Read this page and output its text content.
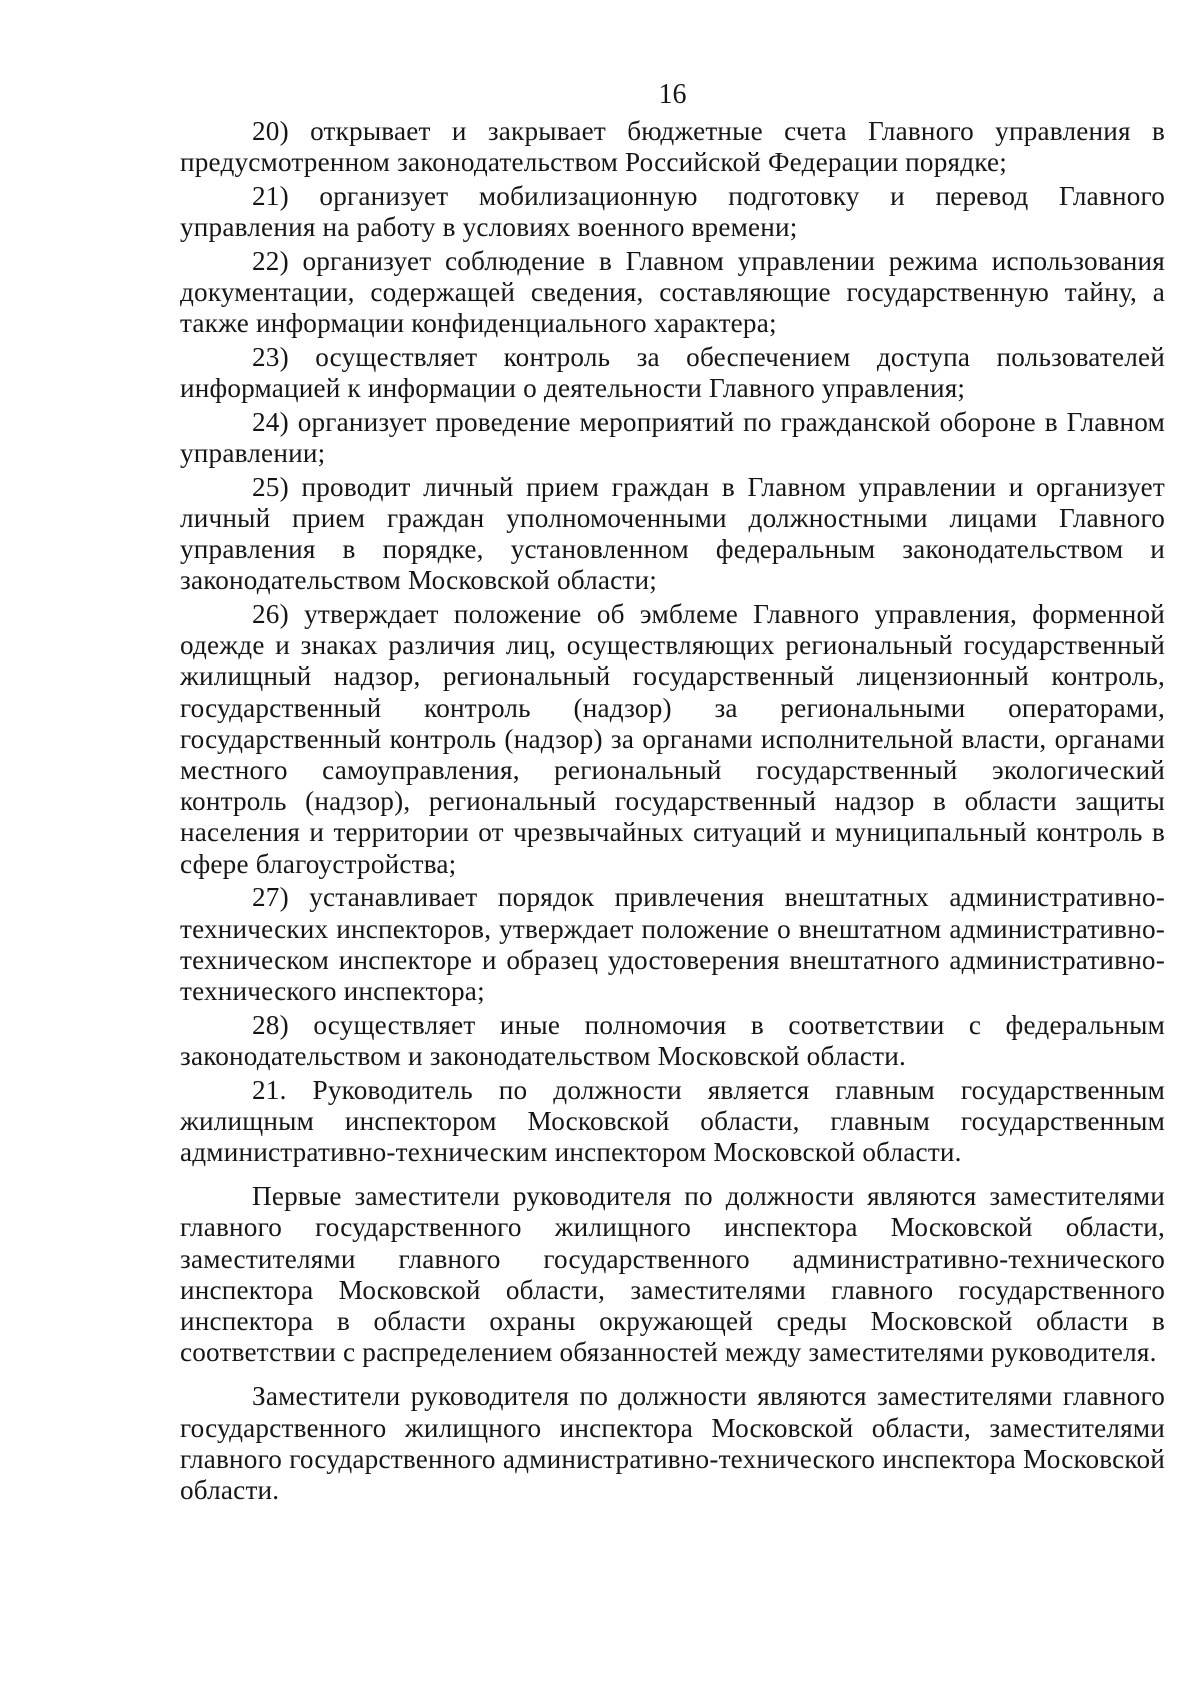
16

20) открывает и закрывает бюджетные счета Главного управления в предусмотренном законодательством Российской Федерации порядке;

21) организует мобилизационную подготовку и перевод Главного управления на работу в условиях военного времени;

22) организует соблюдение в Главном управлении режима использования документации, содержащей сведения, составляющие государственную тайну, а также информации конфиденциального характера;

23) осуществляет контроль за обеспечением доступа пользователей информацией к информации о деятельности Главного управления;

24) организует проведение мероприятий по гражданской обороне в Главном управлении;

25) проводит личный прием граждан в Главном управлении и организует личный прием граждан уполномоченными должностными лицами Главного управления в порядке, установленном федеральным законодательством и законодательством Московской области;

26) утверждает положение об эмблеме Главного управления, форменной одежде и знаках различия лиц, осуществляющих региональный государственный жилищный надзор, региональный государственный лицензионный контроль, государственный контроль (надзор) за региональными операторами, государственный контроль (надзор) за органами исполнительной власти, органами местного самоуправления, региональный государственный экологический контроль (надзор), региональный государственный надзор в области защиты населения и территории от чрезвычайных ситуаций и муниципальный контроль в сфере благоустройства;

27) устанавливает порядок привлечения внештатных административно-технических инспекторов, утверждает положение о внештатном административно-техническом инспекторе и образец удостоверения внештатного административно-технического инспектора;

28) осуществляет иные полномочия в соответствии с федеральным законодательством и законодательством Московской области.

21. Руководитель по должности является главным государственным жилищным инспектором Московской области, главным государственным административно-техническим инспектором Московской области.

Первые заместители руководителя по должности являются заместителями главного государственного жилищного инспектора Московской области, заместителями главного государственного административно-технического инспектора Московской области, заместителями главного государственного инспектора в области охраны окружающей среды Московской области в соответствии с распределением обязанностей между заместителями руководителя.

Заместители руководителя по должности являются заместителями главного государственного жилищного инспектора Московской области, заместителями главного государственного административно-технического инспектора Московской области.
